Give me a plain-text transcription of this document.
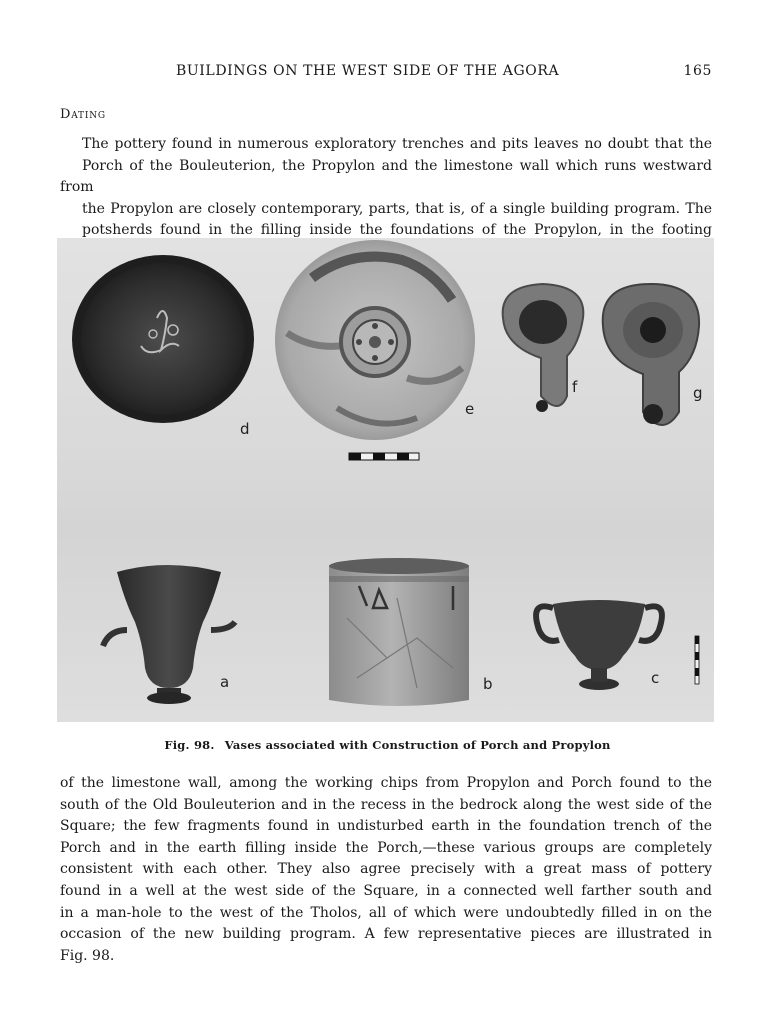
BUILDINGS ON THE WEST SIDE OF THE AGORA	165
Dating
The pottery found in numerous exploratory trenches and pits leaves no doubt that the
Porch of the Bouleuterion, the Propylon and the limestone wall which runs westward from
the Propylon are closely contemporary, parts, that is, of a single building program. The
potsherds found in the filling inside the foundations of the Propylon, in the footing
d
e
f	g
a	b	c
Fig. 98. Vases associated with Construction of Porch and Propylon
of the limestone wall, among the working chips from Propylon and Porch found to the
south of the Old Bouleuterion and in the recess in the bedrock along the west side of the
Square; the few fragments found in undisturbed earth in the foundation trench of the
Porch and in the earth filling inside the Porch,—these various groups are completely
consistent with each other. They also agree precisely with a great mass of pottery
found in a well at the west side of the Square, in a connected well farther south and
in a man-hole to the west of the Tholos, all of which were undoubtedly filled in on the
occasion of the new building program. A few representative pieces are illustrated in
Fig. 98.
